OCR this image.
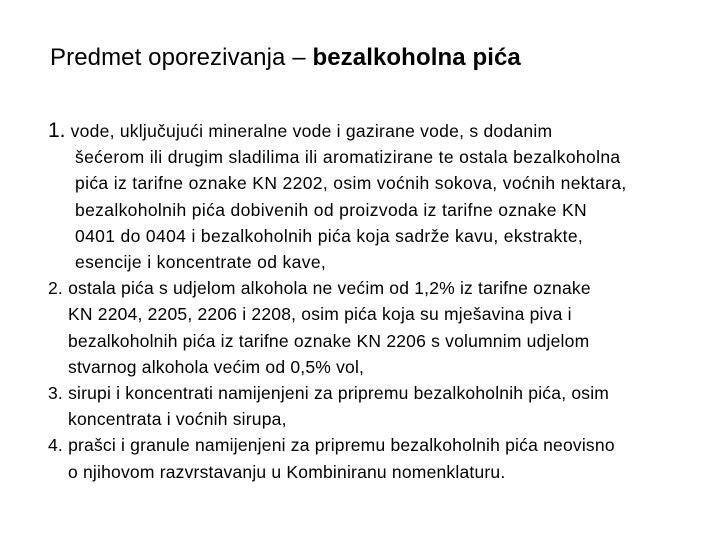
Predmet oporezivanja – bezalkoholna pića
1. vode, uključujući mineralne vode i gazirane vode, s dodanim
šećerom ili drugim sladilima ili aromatizirane te ostala bezalkoholna
pića iz tarifne oznake KN 2202, osim voćnih sokova, voćnih nektara,
bezalkoholnih pića dobivenih od proizvoda iz tarifne oznake KN
0401 do 0404 i bezalkoholnih pića koja sadrže kavu, ekstrakte,
esencije i koncentrate od kave,
2. ostala pića s udjelom alkohola ne većim od 1,2% iz tarifne oznake
KN 2204, 2205, 2206 i 2208, osim pića koja su mješavina piva i
bezalkoholnih pića iz tarifne oznake KN 2206 s volumnim udjelom
stvarnog alkohola većim od 0,5% vol,
3. sirupi i koncentrati namijenjeni za pripremu bezalkoholnih pića, osim
koncentrata i voćnih sirupa,
4. prašci i granule namijenjeni za pripremu bezalkoholnih pića neovisno
o njihovom razvrstavanju u Kombiniranu nomenklaturu.
